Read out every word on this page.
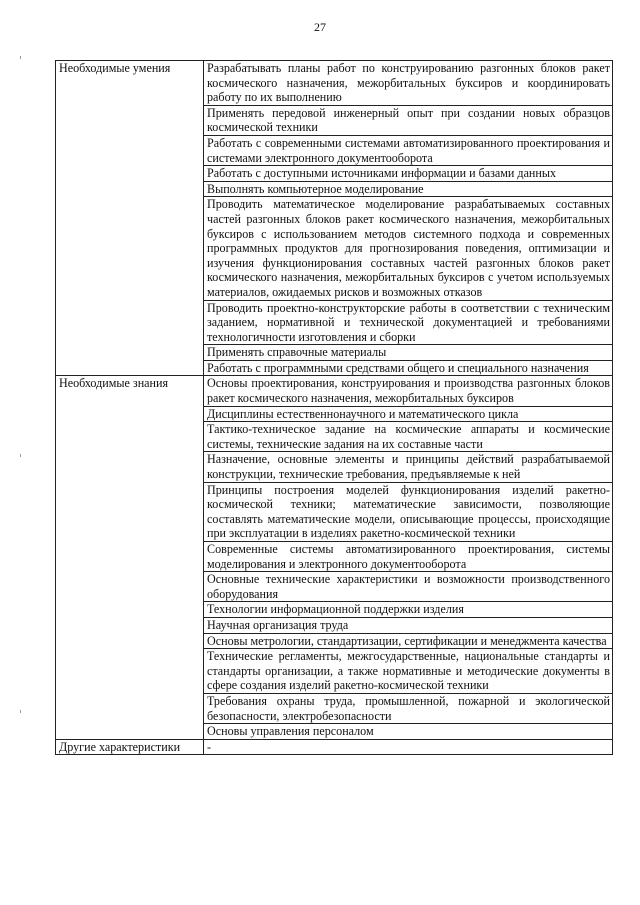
27
Необходимые умения	Разрабатывать планы работ по конструированию разгонных блоков ракет космического назначения, межорбитальных буксиров и координировать работу по их выполнению
	Применять передовой инженерный опыт при создании новых образцов космической техники
	Работать с современными системами автоматизированного проектирования и системами электронного документооборота
	Работать с доступными источниками информации и базами данных
	Выполнять компьютерное моделирование
	Проводить математическое моделирование разрабатываемых составных частей разгонных блоков ракет космического назначения, межорбитальных буксиров с использованием методов системного подхода и современных программных продуктов для прогнозирования поведения, оптимизации и изучения функционирования составных частей разгонных блоков ракет космического назначения, межорбитальных буксиров с учетом используемых материалов, ожидаемых рисков и возможных отказов
	Проводить проектно-конструкторские работы в соответствии с техническим заданием, нормативной и технической документацией и требованиями технологичности изготовления и сборки
	Применять справочные материалы
	Работать с программными средствами общего и специального назначения
Необходимые знания	Основы проектирования, конструирования и производства разгонных блоков ракет космического назначения, межорбитальных буксиров
	Дисциплины естественнонаучного и математического цикла
	Тактико-техническое задание на космические аппараты и космические системы, технические задания на их составные части
	Назначение, основные элементы и принципы действий разрабатываемой конструкции, технические требования, предъявляемые к ней
	Принципы построения моделей функционирования изделий ракетно-космической техники; математические зависимости, позволяющие составлять математические модели, описывающие процессы, происходящие при эксплуатации в изделиях ракетно-космической техники
	Современные системы автоматизированного проектирования, системы моделирования и электронного документооборота
	Основные технические характеристики и возможности производственного оборудования
	Технологии информационной поддержки изделия
	Научная организация труда
	Основы метрологии, стандартизации, сертификации и менеджмента качества
	Технические регламенты, межгосударственные, национальные стандарты и стандарты организации, а также нормативные и методические документы в сфере создания изделий ракетно-космической техники
	Требования охраны труда, промышленной, пожарной и экологической безопасности, электробезопасности
	Основы управления персоналом
Другие характеристики	-
